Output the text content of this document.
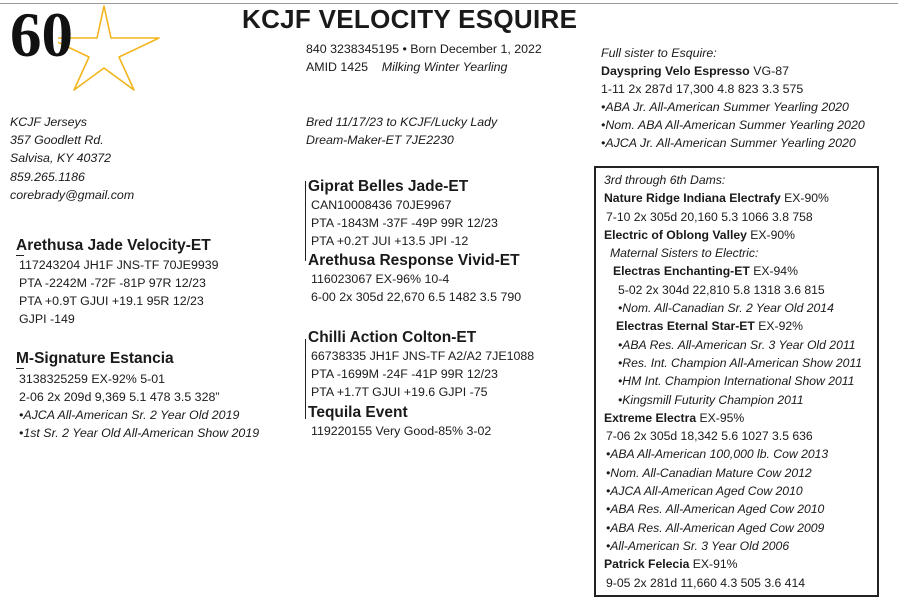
60	KCJF VELOCITY ESQUIRE
840 3238345195 • Born December 1, 2022
AMID 1425 Milking Winter Yearling
KCJF Jerseys
357 Goodlett Rd.
Salvisa, KY 40372
859.265.1186
corebrady@gmail.com
Bred 11/17/23 to KCJF/Lucky Lady
Dream-Maker-ET 7JE2230
Arethusa Jade Velocity-ET
117243204 JH1F JNS-TF 70JE9939
PTA -2242M -72F -81P 97R 12/23
PTA +0.9T GJUI +19.1 95R 12/23
GJPI -149
M-Signature Estancia
3138325259 EX-92% 5-01
2-06 2x 209d 9,369 5.1 478 3.5 328”
•AJCA All-American Sr. 2 Year Old 2019
•1st Sr. 2 Year Old All-American Show 2019
Giprat Belles Jade-ET
CAN10008436 70JE9967
PTA -1843M -37F -49P 99R 12/23
PTA +0.2T JUI +13.5 JPI -12
Arethusa Response Vivid-ET
116023067 EX-96% 10-4
6-00 2x 305d 22,670 6.5 1482 3.5 790
Chilli Action Colton-ET
66738335 JH1F JNS-TF A2/A2 7JE1088
PTA -1699M -24F -41P 99R 12/23
PTA +1.7T GJUI +19.6 GJPI -75
Tequila Event
119220155 Very Good-85% 3-02
Full sister to Esquire:
Dayspring Velo Espresso VG-87
1-11 2x 287d 17,300 4.8 823 3.3 575
•ABA Jr. All-American Summer Yearling 2020
•Nom. ABA All-American Summer Yearling 2020
•AJCA Jr. All-American Summer Yearling 2020
3rd through 6th Dams:
Nature Ridge Indiana Electrafy EX-90%
7-10 2x 305d 20,160 5.3 1066 3.8 758
Electric of Oblong Valley EX-90%
Maternal Sisters to Electric:
Electras Enchanting-ET EX-94%
5-02 2x 304d 22,810 5.8 1318 3.6 815
•Nom. All-Canadian Sr. 2 Year Old 2014
Electras Eternal Star-ET EX-92%
•ABA Res. All-American Sr. 3 Year Old 2011
•Res. Int. Champion All-American Show 2011
•HM Int. Champion International Show 2011
•Kingsmill Futurity Champion 2011
Extreme Electra EX-95%
7-06 2x 305d 18,342 5.6 1027 3.5 636
•ABA All-American 100,000 lb. Cow 2013
•Nom. All-Canadian Mature Cow 2012
•AJCA All-American Aged Cow 2010
•ABA Res. All-American Aged Cow 2010
•ABA Res. All-American Aged Cow 2009
•All-American Sr. 3 Year Old 2006
Patrick Felecia EX-91%
9-05 2x 281d 11,660 4.3 505 3.6 414
